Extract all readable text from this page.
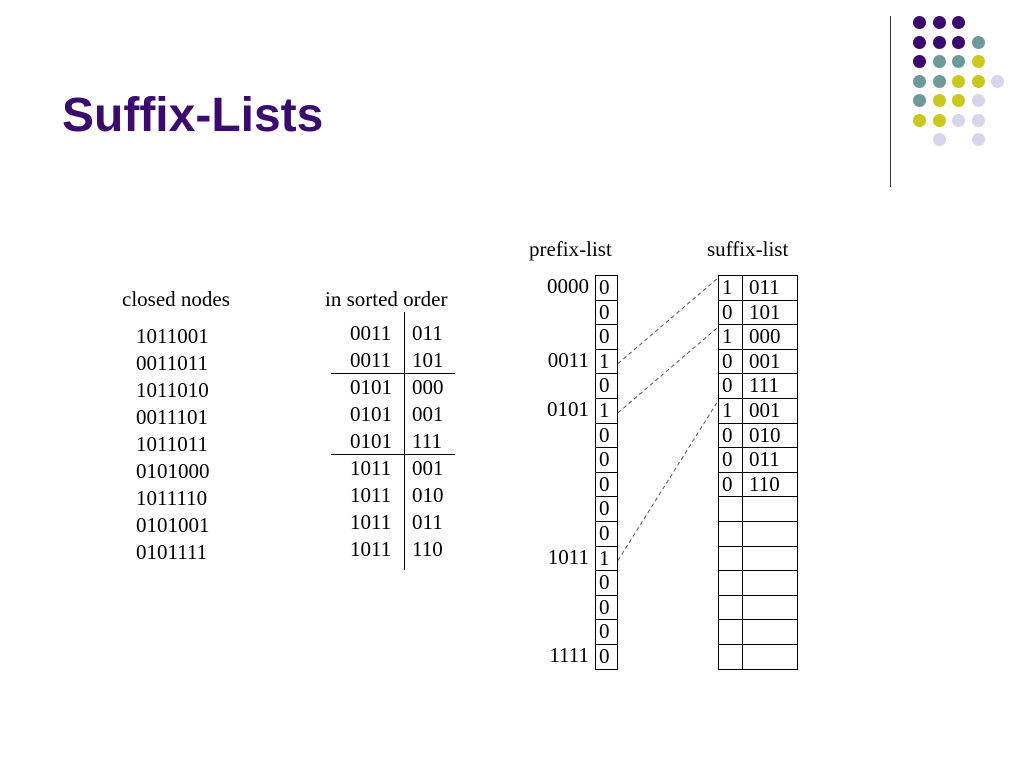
Suffix-Lists
closed nodes
1011001
0011011
1011010
0011101
1011011
0101000
1011110
0101001
0101111
in sorted order
0011 011
0011 101
0101 000
0101 001
0101 111
1011 001
1011 010
1011 011
1011 110
prefix-list
0
0
0
1
0
1
0
0
0
0
0
1
0
0
0
0
0000
0011
0101
1011
1111
suffix-list
1 011
0 101
1 000
0 001
0 111
1 001
0 010
0 011
0 110
